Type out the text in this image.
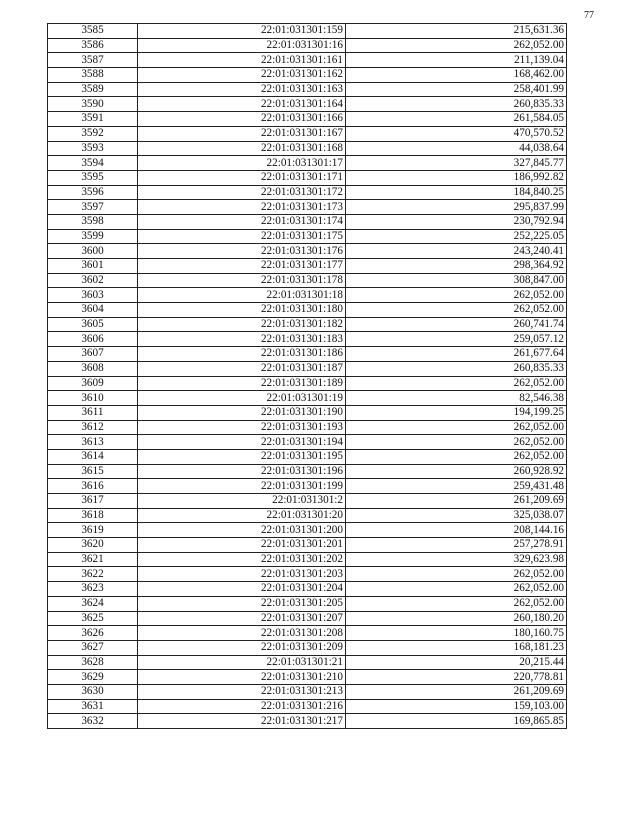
77
3585	22:01:031301:159	215,631.36
3586	22:01:031301:16	262,052.00
3587	22:01:031301:161	211,139.04
3588	22:01:031301:162	168,462.00
3589	22:01:031301:163	258,401.99
3590	22:01:031301:164	260,835.33
3591	22:01:031301:166	261,584.05
3592	22:01:031301:167	470,570.52
3593	22:01:031301:168	44,038.64
3594	22:01:031301:17	327,845.77
3595	22:01:031301:171	186,992.82
3596	22:01:031301:172	184,840.25
3597	22:01:031301:173	295,837.99
3598	22:01:031301:174	230,792.94
3599	22:01:031301:175	252,225.05
3600	22:01:031301:176	243,240.41
3601	22:01:031301:177	298,364.92
3602	22:01:031301:178	308,847.00
3603	22:01:031301:18	262,052.00
3604	22:01:031301:180	262,052.00
3605	22:01:031301:182	260,741.74
3606	22:01:031301:183	259,057.12
3607	22:01:031301:186	261,677.64
3608	22:01:031301:187	260,835.33
3609	22:01:031301:189	262,052.00
3610	22:01:031301:19	82,546.38
3611	22:01:031301:190	194,199.25
3612	22:01:031301:193	262,052.00
3613	22:01:031301:194	262,052.00
3614	22:01:031301:195	262,052.00
3615	22:01:031301:196	260,928.92
3616	22:01:031301:199	259,431.48
3617	22:01:031301:2	261,209.69
3618	22:01:031301:20	325,038.07
3619	22:01:031301:200	208,144.16
3620	22:01:031301:201	257,278.91
3621	22:01:031301:202	329,623.98
3622	22:01:031301:203	262,052.00
3623	22:01:031301:204	262,052.00
3624	22:01:031301:205	262,052.00
3625	22:01:031301:207	260,180.20
3626	22:01:031301:208	180,160.75
3627	22:01:031301:209	168,181.23
3628	22:01:031301:21	20,215.44
3629	22:01:031301:210	220,778.81
3630	22:01:031301:213	261,209.69
3631	22:01:031301:216	159,103.00
3632	22:01:031301:217	169,865.85
